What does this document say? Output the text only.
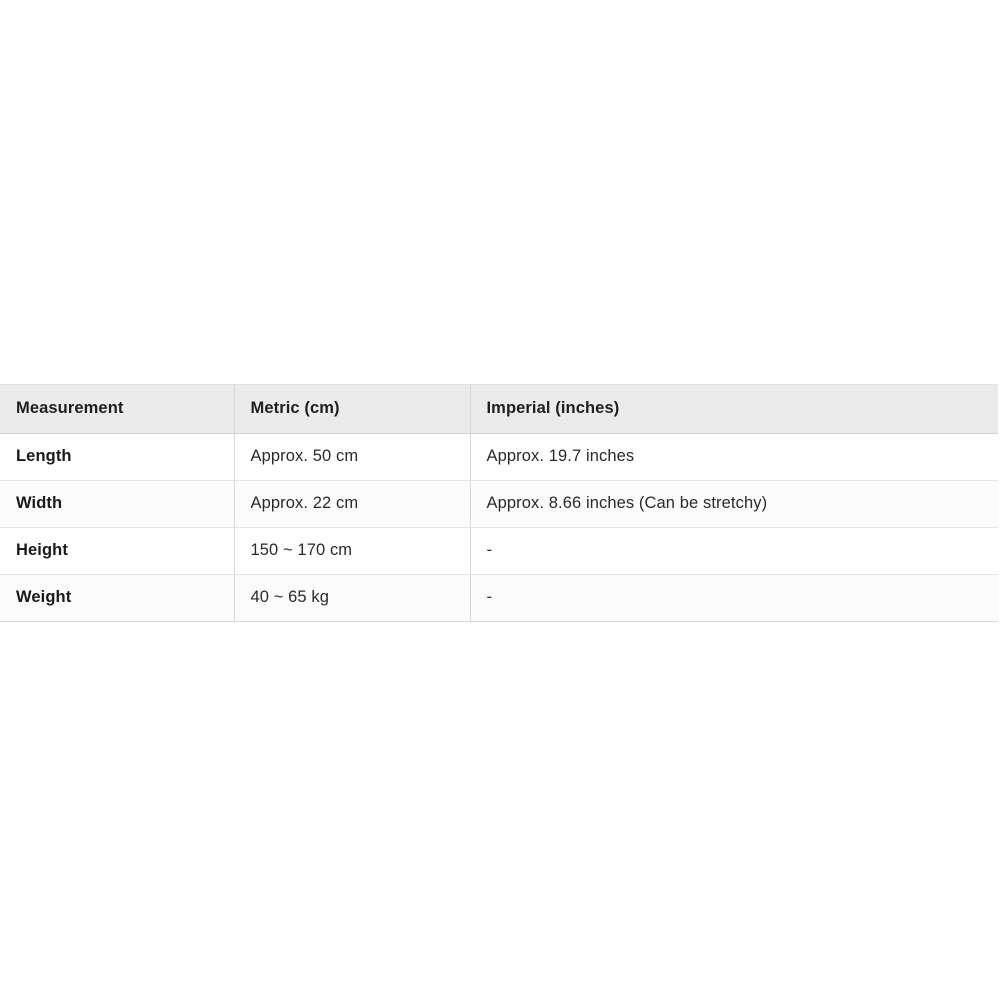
Measurement	Metric (cm)	Imperial (inches)
Length	Approx. 50 cm	Approx. 19.7 inches
Width	Approx. 22 cm	Approx. 8.66 inches (Can be stretchy)
Height	150 ~ 170 cm	-
Weight	40 ~ 65 kg	-
